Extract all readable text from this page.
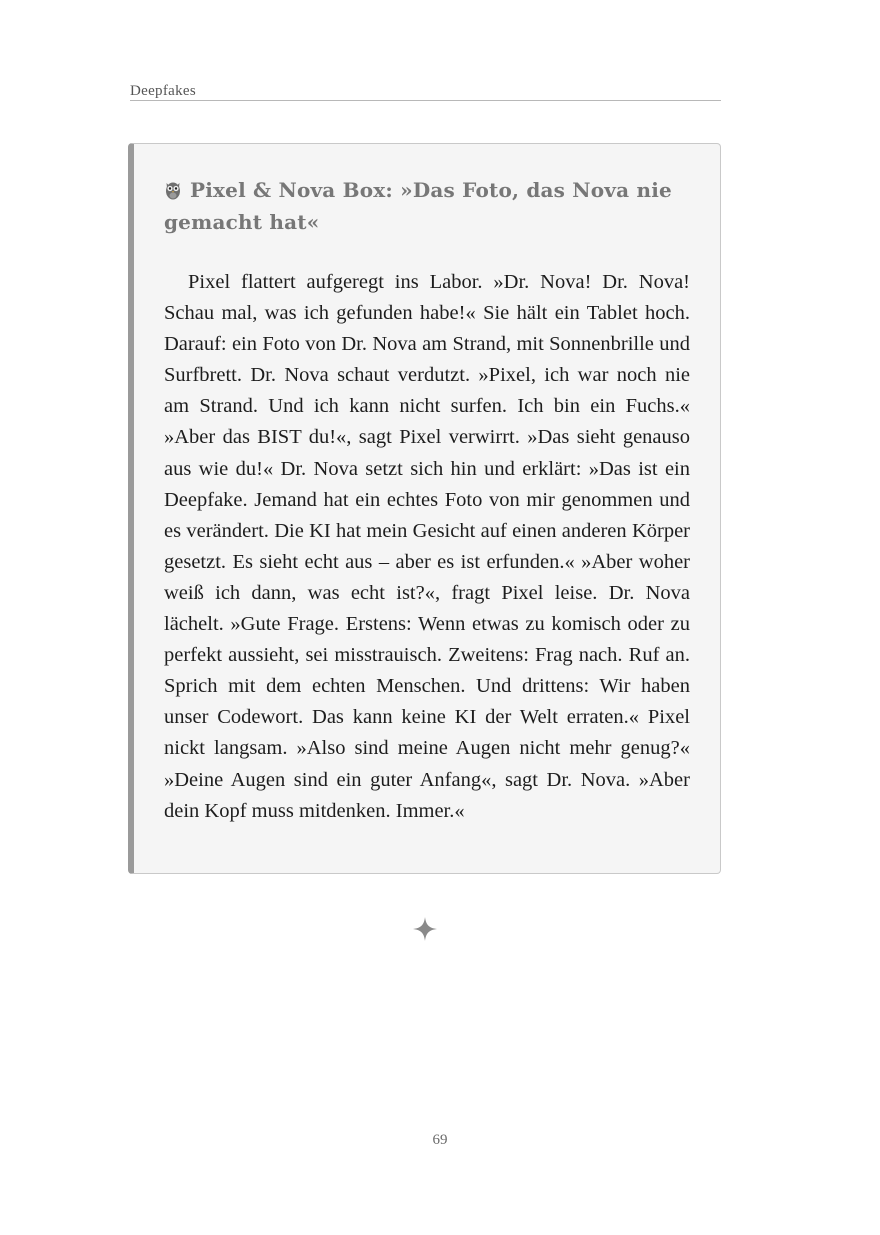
Deepfakes
Pixel & Nova Box: »Das Foto, das Nova nie gemacht hat«

Pixel flattert aufgeregt ins Labor. »Dr. Nova! Dr. Nova! Schau mal, was ich gefunden habe!« Sie hält ein Tablet hoch. Darauf: ein Foto von Dr. Nova am Strand, mit Sonnenbrille und Surfbrett. Dr. Nova schaut verdutzt. »Pixel, ich war noch nie am Strand. Und ich kann nicht surfen. Ich bin ein Fuchs.« »Aber das BIST du!«, sagt Pixel verwirrt. »Das sieht genauso aus wie du!« Dr. Nova setzt sich hin und erklärt: »Das ist ein Deepfake. Jemand hat ein echtes Foto von mir genommen und es verändert. Die KI hat mein Gesicht auf einen anderen Körper gesetzt. Es sieht echt aus – aber es ist erfunden.« »Aber woher weiß ich dann, was echt ist?«, fragt Pixel leise. Dr. Nova lächelt. »Gute Frage. Erstens: Wenn etwas zu komisch oder zu perfekt aussieht, sei misstrauisch. Zweitens: Frag nach. Ruf an. Sprich mit dem echten Menschen. Und drittens: Wir haben unser Codewort. Das kann keine KI der Welt erraten.« Pixel nickt langsam. »Also sind meine Augen nicht mehr genug?« »Deine Augen sind ein guter Anfang«, sagt Dr. Nova. »Aber dein Kopf muss mitdenken. Immer.«

69
